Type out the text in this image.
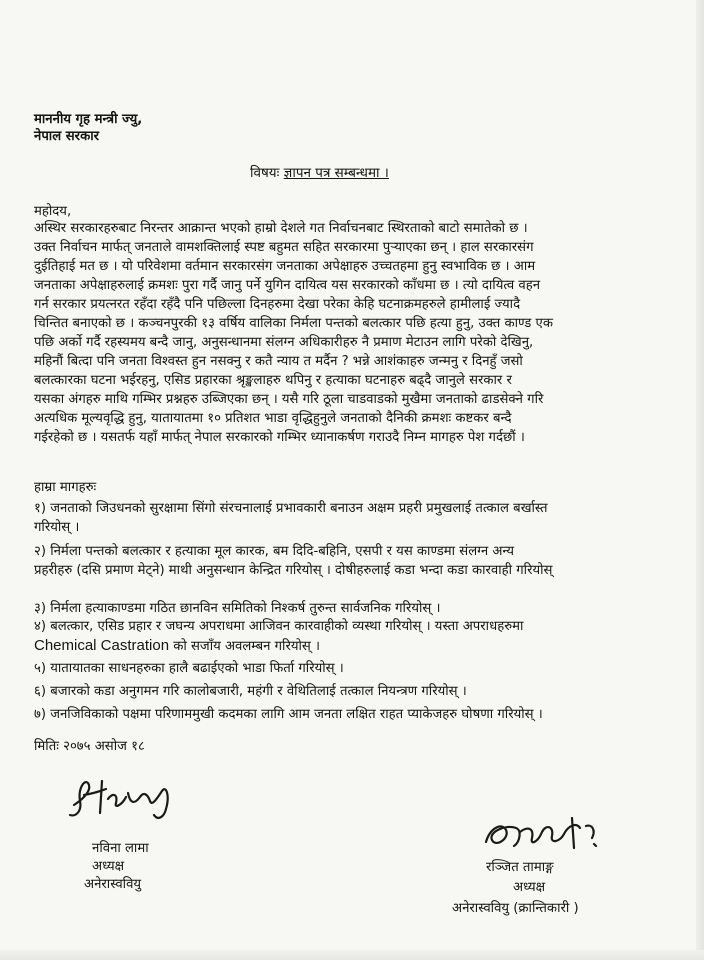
माननीय गृह मन्त्री ज्यु,
नेपाल सरकार
विषयः ज्ञापन पत्र सम्बन्धमा ।
महोदय,
अस्थिर सरकारहरुबाट निरन्तर आक्रान्त भएको हाम्रो देशले गत निर्वाचनबाट स्थिरताको बाटो समातेको छ ।
उक्त निर्वाचन मार्फत् जनताले वामशक्तिलाई स्पष्ट बहुमत सहित सरकारमा पुऱ्याएका छन् । हाल सरकारसंग
दुईतिहाई मत छ । यो परिवेशमा वर्तमान सरकारसंग जनताका अपेक्षाहरु उच्चतहमा हुनु स्वभाविक छ । आम
जनताका अपेक्षाहरुलाई क्रमशः पुरा गर्दै जानु पर्ने युगिन दायित्व यस सरकारको काँधमा छ । त्यो दायित्व वहन
गर्न सरकार प्रयत्नरत रहँदा रहँदै पनि पछिल्ला दिनहरुमा देखा परेका केहि घटनाक्रमहरुले हामीलाई ज्यादै
चिन्तित बनाएको छ । कञ्चनपुरकी १३ वर्षिय वालिका निर्मला पन्तको बलत्कार पछि हत्या हुनु, उक्त काण्ड एक
पछि अर्को गर्दै रहस्यमय बन्दै जानु, अनुसन्धानमा संलग्न अधिकारीहरु नै प्रमाण मेटाउन लागि परेको देखिनु,
महिनौं बित्दा पनि जनता विश्वस्त हुन नसक्नु र कतै न्याय त मर्दैन ? भन्ने आशंकाहरु जन्मनु र दिनहुँ जसो
बलत्कारका घटना भईरहनु, एसिड प्रहारका श्रृङ्खलाहरु थपिनु र हत्याका घटनाहरु बढ्दै जानुले सरकार र
यसका अंगहरु माथि गम्भिर प्रश्नहरु उब्जिएका छन् । यसै गरि ठूला चाडवाडको मुखैमा जनताको ढाडसेक्ने गरि
अत्यधिक मूल्यवृद्धि हुनु, यातायातमा १० प्रतिशत भाडा वृद्धिहुनुले जनताको दैनिकी क्रमशः कष्टकर बन्दै
गईरहेको छ । यसतर्फ यहाँ मार्फत् नेपाल सरकारको गम्भिर ध्यानाकर्षण गराउदै निम्न मागहरु पेश गर्दछौं ।
हाम्रा मागहरुः
१) जनताको जिउधनको सुरक्षामा सिंगो संरचनालाई प्रभावकारी बनाउन अक्षम प्रहरी प्रमुखलाई तत्काल बर्खास्त
गरियोस् ।
२) निर्मला पन्तको बलत्कार र हत्याका मूल कारक, बम दिदि-बहिनि, एसपी र यस काण्डमा संलग्न अन्य
प्रहरीहरु (दसि प्रमाण मेट्ने) माथी अनुसन्धान केन्द्रित गरियोस् । दोषीहरुलाई कडा भन्दा कडा कारवाही गरियोस्
३) निर्मला हत्याकाण्डमा गठित छानविन समितिको निश्कर्ष तुरुन्त सार्वजनिक गरियोस् ।
४) बलत्कार, एसिड प्रहार र जघन्य अपराधमा आजिवन कारवाहीको व्यस्था गरियोस् । यस्ता अपराधहरुमा
Chemical Castration को सजाँय अवलम्बन गरियोस् ।
५) यातायातका साधनहरुका हालै बढाईएको भाडा फिर्ता गरियोस् ।
६) बजारको कडा अनुगमन गरि कालोबजारी, महंगी र वेथितिलाई तत्काल नियन्त्रण गरियोस् ।
७) जनजिविकाको पक्षमा परिणाममुखी कदमका लागि आम जनता लक्षित राहत प्याकेजहरु घोषणा गरियोस् ।
मितिः २०७५ असोज १८
नविना लामा
अध्यक्ष
अनेरास्ववियु
रञ्जित तामाङ्ग
अध्यक्ष
अनेरास्ववियु (क्रान्तिकारी )
